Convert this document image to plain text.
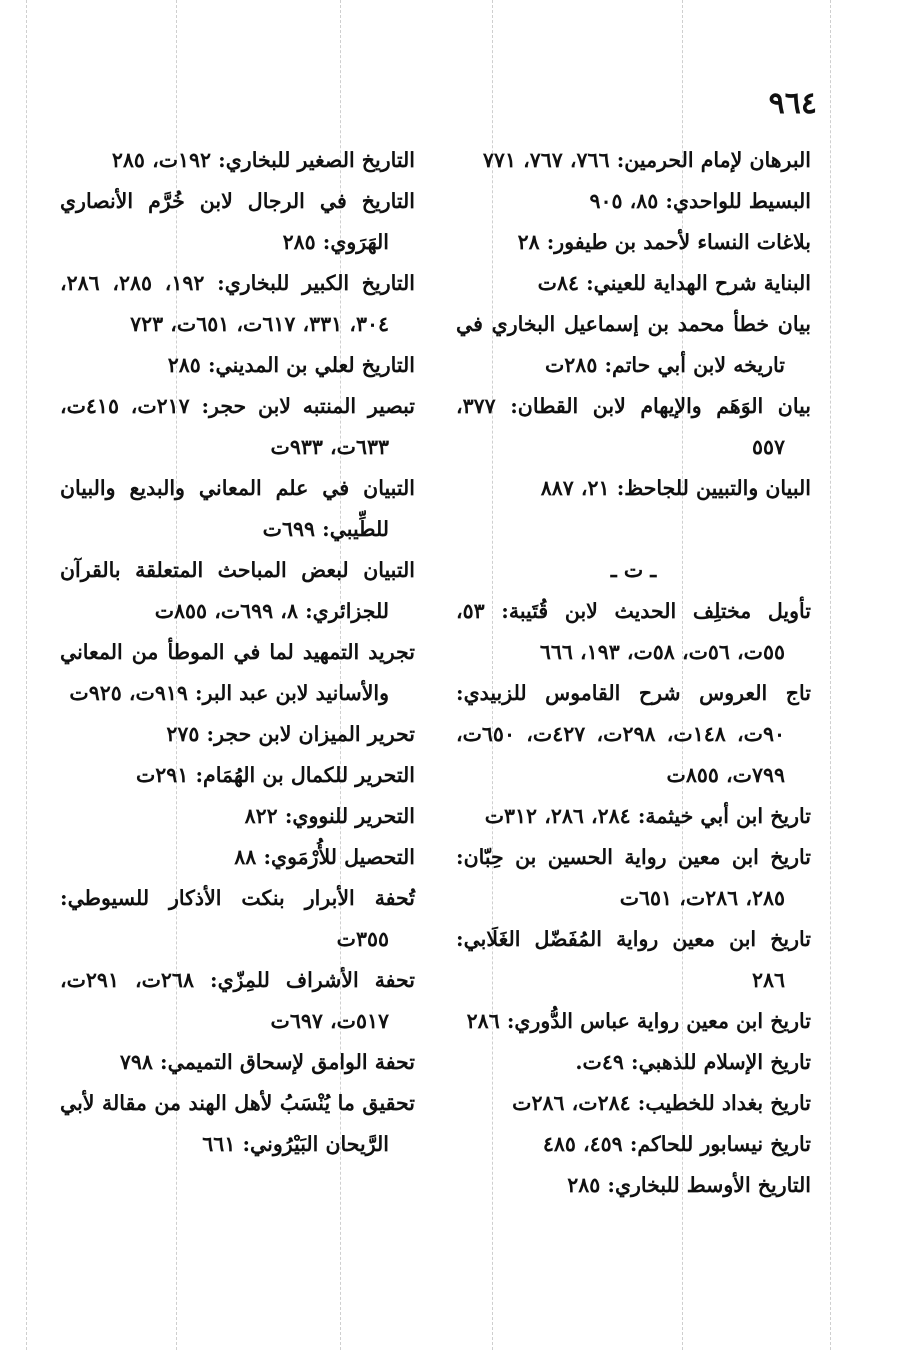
٩٦٤

البرهان لإمام الحرمين: ٧٦٦، ٧٦٧، ٧٧١

البسيط للواحدي: ٨٥، ٩٠٥

بلاغات النساء لأحمد بن طيفور: ٢٨

البناية شرح الهداية للعيني: ٨٤ت

بيان خطأ محمد بن إسماعيل البخاري في تاريخه لابن أبي حاتم: ٢٨٥ت

بيان الوَهَم والإيهام لابن القطان: ٣٧٧، ٥٥٧

البيان والتبيين للجاحظ: ٢١، ٨٨٧

ـ ت ـ

تأويل مختلِف الحديث لابن قُتَيبة: ٥٣، ٥٥ت، ٥٦ت، ٥٨ت، ١٩٣، ٦٦٦

تاج العروس شرح القاموس للزبيدي: ٩٠ت، ١٤٨ت، ٢٩٨ت، ٤٢٧ت، ٦٥٠ت، ٧٩٩ت، ٨٥٥ت

تاريخ ابن أبي خيثمة: ٢٨٤، ٢٨٦، ٣١٢ت

تاريخ ابن معين رواية الحسين بن حِبّان: ٢٨٥، ٢٨٦ت، ٦٥١ت

تاريخ ابن معين رواية المُفَضّل الغَلَابي: ٢٨٦

تاريخ ابن معين رواية عباس الدُّوري: ٢٨٦

تاريخ الإسلام للذهبي: ٤٩ت.

تاريخ بغداد للخطيب: ٢٨٤ت، ٢٨٦ت

تاريخ نيسابور للحاكم: ٤٥٩، ٤٨٥

التاريخ الأوسط للبخاري: ٢٨٥

التاريخ الصغير للبخاري: ١٩٢ت، ٢٨٥

التاريخ في الرجال لابن خُرَّم الأنصاري الهَرَوي: ٢٨٥

التاريخ الكبير للبخاري: ١٩٢، ٢٨٥، ٢٨٦، ٣٠٤، ٣٣١، ٦١٧ت، ٦٥١ت، ٧٢٣

التاريخ لعلي بن المديني: ٢٨٥

تبصير المنتبه لابن حجر: ٢١٧ت، ٤١٥ت، ٦٣٣ت، ٩٣٣ت

التبيان في علم المعاني والبديع والبيان للطِّيبي: ٦٩٩ت

التبيان لبعض المباحث المتعلقة بالقرآن للجزائري: ٨، ٦٩٩ت، ٨٥٥ت

تجريد التمهيد لما في الموطأ من المعاني والأسانيد لابن عبد البر: ٩١٩ت، ٩٢٥ت

تحرير الميزان لابن حجر: ٢٧٥

التحرير للكمال بن الهُمَام: ٢٩١ت

التحرير للنووي: ٨٢٢

التحصيل للأُرْمَوي: ٨٨

تُحفة الأبرار بنكت الأذكار للسيوطي: ٣٥٥ت

تحفة الأشراف للمِزّي: ٢٦٨ت، ٢٩١ت، ٥١٧ت، ٦٩٧ت

تحفة الوامق لإسحاق التميمي: ٧٩٨

تحقيق ما يُنْسَبُ لأهل الهند من مقالة لأبي الرَّيحان البَيْرُوني: ٦٦١
